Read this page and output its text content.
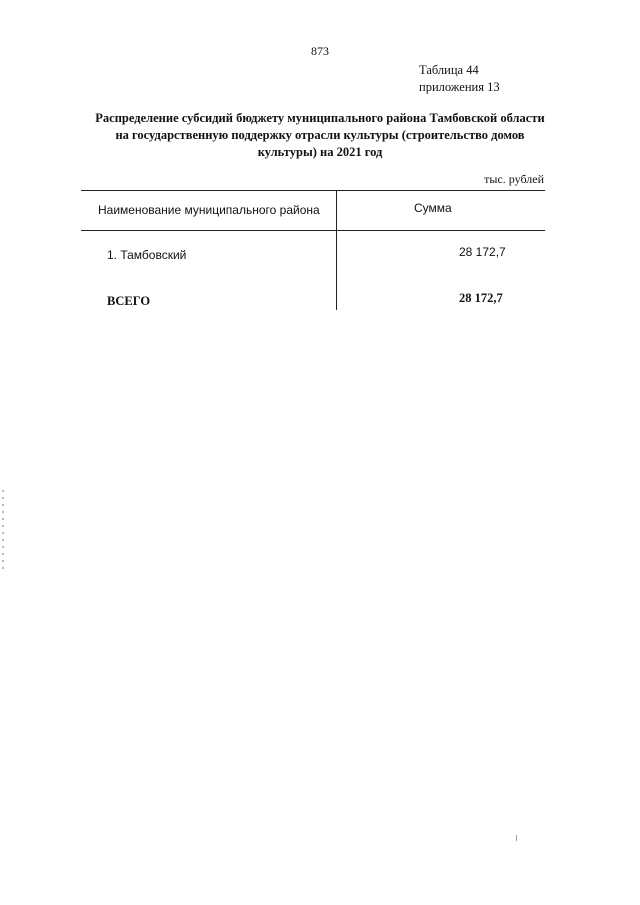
873
Таблица 44
приложения 13
Распределение субсидий бюджету муниципального района Тамбовской области
на государственную поддержку отрасли культуры (строительство домов
культуры) на 2021 год
тыс. рублей
Наименование муниципального района	Сумма
1. Тамбовский	28 172,7
ВСЕГО	28 172,7
